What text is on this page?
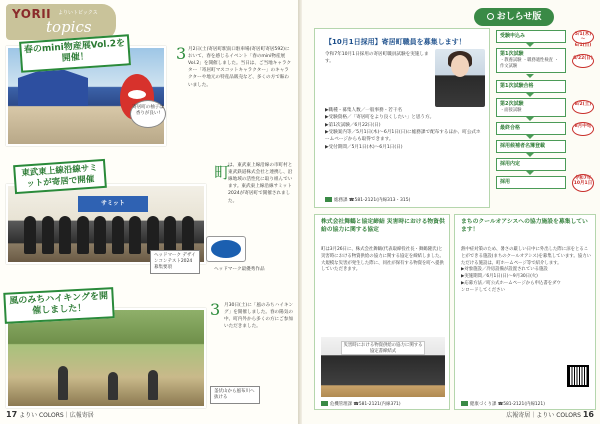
YORII よりいトピックス
topics
春のmini物産展Vol.2を開催！
寄居町の柚子は香りが良い!
3 月2日(土)寄居町駅南口駐車場(寄居町寄居592)において、春を感じるイベント「春のmini物産展Vol.2」を開催しました。当日は、ご当地キャラクター「寄居町マスコットキャラクター」のキャラクターや地元の特産品販売など、多くの方で賑わいました。
サミット
東武東上線沿線サミットが寄居で開催	町
は、東武東上線沿線の市町村と東武鉄道株式会社と連携し、沿線地域の活性化に取り組んでいます。東武東上線沿線サミット2024が寄居町で開催されました。
ヘッドマーク デザインコンテスト2024 募集要項	ヘッドマーク最優秀作品
風のみちハイキングを開催しました！	3 月30日(土)に「風のみちハイキング」を開催しました。春の陽気の中、町内外から多くの方にご参加いただきました。
釜伏山から風布川へ抜ける
17 よりい COLORS｜広報寄居
おしらせ版
【10月1日採用】寄居町職員を募集します！
令和7年10月1日採用の寄居町職員試験を実施します。

▶職種・募集人数／一般事務・若干名

▶受験資格／「寄居町をより良くしたい」と思う方。

▶第1次試験／6月22日(日)

▶受験案内等／5月1日(木)～6月1日(日)に総務課で配布するほか、町公式ホームページからも取得できます。

▶受付期間／5月1日(木)～6月1日(日)

総務課 ☎581-2121(内線313・315)
受験申込み	5/1(木)～6/1(日)
第1次試験
・教養試験 ・職務適性検査 ・作文試験
6/22(日)
第1次試験合格
第2次試験
・面接試験
8/2(土)
最終合格	8月中旬
採用候補者名簿登載
採用内定
採用
令和7年10月1日
株式会社舞鶴と協定締結 災害時における物資供給の協力に関する協定
町は3月26日に、株式会社舞鶴(代表取締役社長・舞鶴隆氏)と災害時における物資供給の協力に関する協定を締結しました。大規模な災害が発生した際に、同社が保有する物資を町へ提供していただきます。
災害時における物資供給の協力に関する協定書締結式
危機管理課 ☎581-2121(内線371)
まちのクールオアシスへの協力施設を募集しています！

熱中症対策のため、暑さの厳しい日中に外出した際に涼をとることができる施設(まちのクールオアシス)を募集しています。協力いただける施設は、町ホームページ等で紹介します。

▶対象施設／冷房設備が設置されている施設

▶実施期間／6月1日(日)～9月30日(火)

▶応募方法／町公式ホームページから申込書をダウンロードしてください

健康づくり課 ☎581-2121(内線121)
広報寄居｜よりい COLORS 16
